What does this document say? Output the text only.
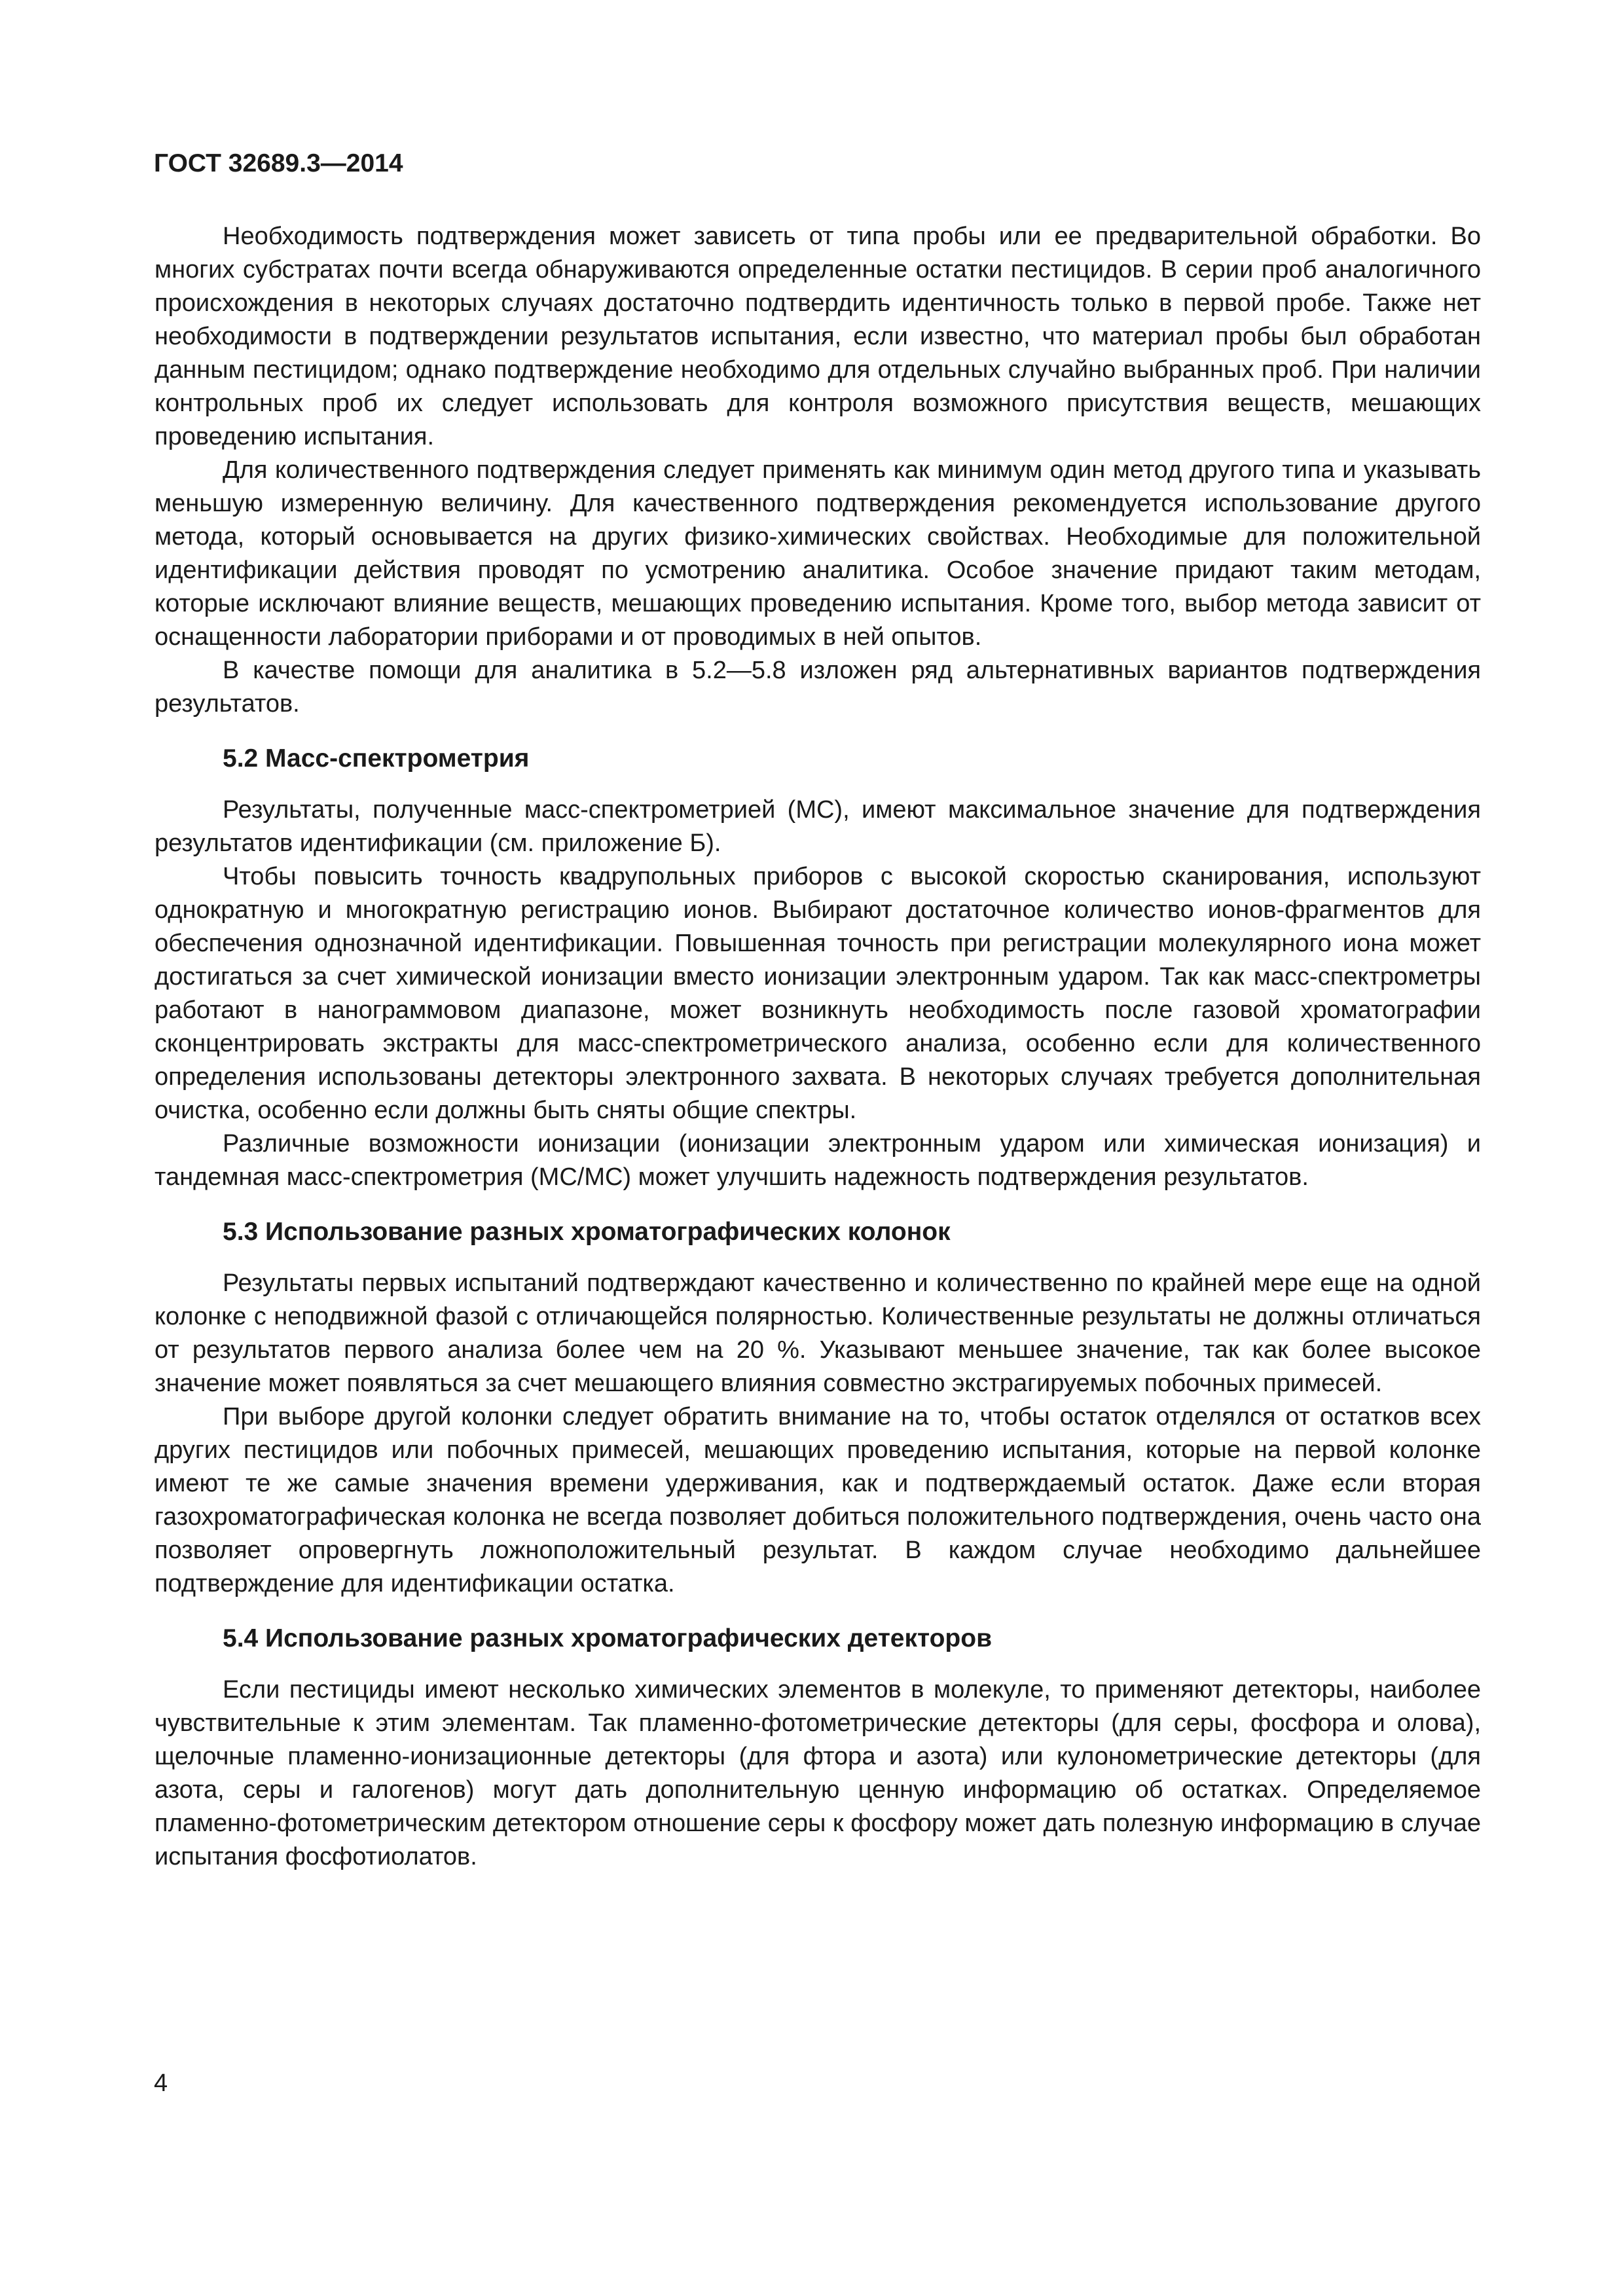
ГОСТ 32689.3—2014

Необходимость подтверждения может зависеть от типа пробы или ее предварительной обработки. Во многих субстратах почти всегда обнаруживаются определенные остатки пестицидов. В серии проб аналогичного происхождения в некоторых случаях достаточно подтвердить идентичность только в первой пробе. Также нет необходимости в подтверждении результатов испытания, если известно, что материал пробы был обработан данным пестицидом; однако подтверждение необходимо для отдельных случайно выбранных проб. При наличии контрольных проб их следует использовать для контроля возможного присутствия веществ, мешающих проведению испытания.

Для количественного подтверждения следует применять как минимум один метод другого типа и указывать меньшую измеренную величину. Для качественного подтверждения рекомендуется использование другого метода, который основывается на других физико-химических свойствах. Необходимые для положительной идентификации действия проводят по усмотрению аналитика. Особое значение придают таким методам, которые исключают влияние веществ, мешающих проведению испытания. Кроме того, выбор метода зависит от оснащенности лаборатории приборами и от проводимых в ней опытов.

В качестве помощи для аналитика в 5.2—5.8 изложен ряд альтернативных вариантов подтверждения результатов.

5.2 Масс-спектрометрия

Результаты, полученные масс-спектрометрией (МС), имеют максимальное значение для подтверждения результатов идентификации (см. приложение Б).

Чтобы повысить точность квадрупольных приборов с высокой скоростью сканирования, используют однократную и многократную регистрацию ионов. Выбирают достаточное количество ионов-фрагментов для обеспечения однозначной идентификации. Повышенная точность при регистрации молекулярного иона может достигаться за счет химической ионизации вместо ионизации электронным ударом. Так как масс-спектрометры работают в нанограммовом диапазоне, может возникнуть необходимость после газовой хроматографии сконцентрировать экстракты для масс-спектрометрического анализа, особенно если для количественного определения использованы детекторы электронного захвата. В некоторых случаях требуется дополнительная очистка, особенно если должны быть сняты общие спектры.

Различные возможности ионизации (ионизации электронным ударом или химическая ионизация) и тандемная масс-спектрометрия (МС/МС) может улучшить надежность подтверждения результатов.

5.3 Использование разных хроматографических колонок

Результаты первых испытаний подтверждают качественно и количественно по крайней мере еще на одной колонке с неподвижной фазой с отличающейся полярностью. Количественные результаты не должны отличаться от результатов первого анализа более чем на 20 %. Указывают меньшее значение, так как более высокое значение может появляться за счет мешающего влияния совместно экстрагируемых побочных примесей.

При выборе другой колонки следует обратить внимание на то, чтобы остаток отделялся от остатков всех других пестицидов или побочных примесей, мешающих проведению испытания, которые на первой колонке имеют те же самые значения времени удерживания, как и подтверждаемый остаток. Даже если вторая газохроматографическая колонка не всегда позволяет добиться положительного подтверждения, очень часто она позволяет опровергнуть ложноположительный результат. В каждом случае необходимо дальнейшее подтверждение для идентификации остатка.

5.4 Использование разных хроматографических детекторов

Если пестициды имеют несколько химических элементов в молекуле, то применяют детекторы, наиболее чувствительные к этим элементам. Так пламенно-фотометрические детекторы (для серы, фосфора и олова), щелочные пламенно-ионизационные детекторы (для фтора и азота) или кулонометрические детекторы (для азота, серы и галогенов) могут дать дополнительную ценную информацию об остатках. Определяемое пламенно-фотометрическим детектором отношение серы к фосфору может дать полезную информацию в случае испытания фосфотиолатов.

4
